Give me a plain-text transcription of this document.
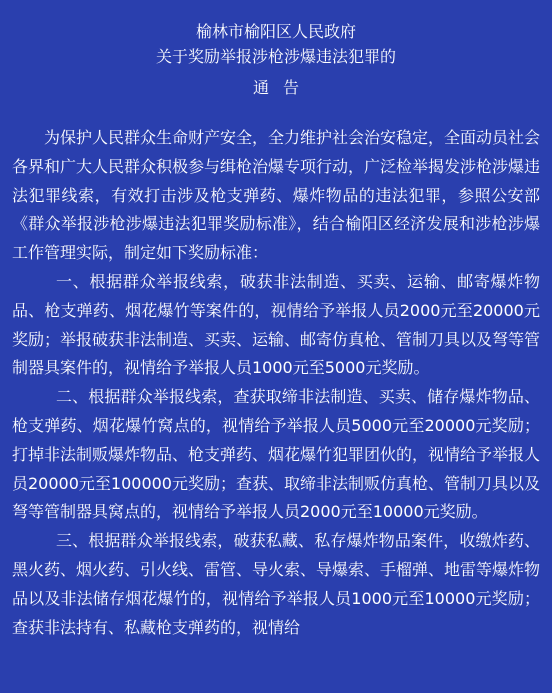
榆林市榆阳区人民政府
关于奖励举报涉枪涉爆违法犯罪的
通告

为保护人民群众生命财产安全，全力维护社会治安稳定，全面动员社会各界和广大人民群众积极参与缉枪治爆专项行动，广泛检举揭发涉枪涉爆违法犯罪线索，有效打击涉及枪支弹药、爆炸物品的违法犯罪，参照公安部《群众举报涉枪涉爆违法犯罪奖励标准》，结合榆阳区经济发展和涉枪涉爆工作管理实际，制定如下奖励标准：

一、根据群众举报线索，破获非法制造、买卖、运输、邮寄爆炸物品、枪支弹药、烟花爆竹等案件的，视情给予举报人员2000元至20000元奖励；举报破获非法制造、买卖、运输、邮寄仿真枪、管制刀具以及弩等管制器具案件的，视情给予举报人员1000元至5000元奖励。

二、根据群众举报线索，查获取缔非法制造、买卖、储存爆炸物品、枪支弹药、烟花爆竹窝点的，视情给予举报人员5000元至20000元奖励；打掉非法制贩爆炸物品、枪支弹药、烟花爆竹犯罪团伙的，视情给予举报人员20000元至100000元奖励；查获、取缔非法制贩仿真枪、管制刀具以及弩等管制器具窝点的，视情给予举报人员2000元至10000元奖励。

三、根据群众举报线索，破获私藏、私存爆炸物品案件，收缴炸药、黑火药、烟火药、引火线、雷管、导火索、导爆索、手榴弹、地雷等爆炸物品以及非法储存烟花爆竹的，视情给予举报人员1000元至10000元奖励；查获非法持有、私藏枪支弹药的，视情给
